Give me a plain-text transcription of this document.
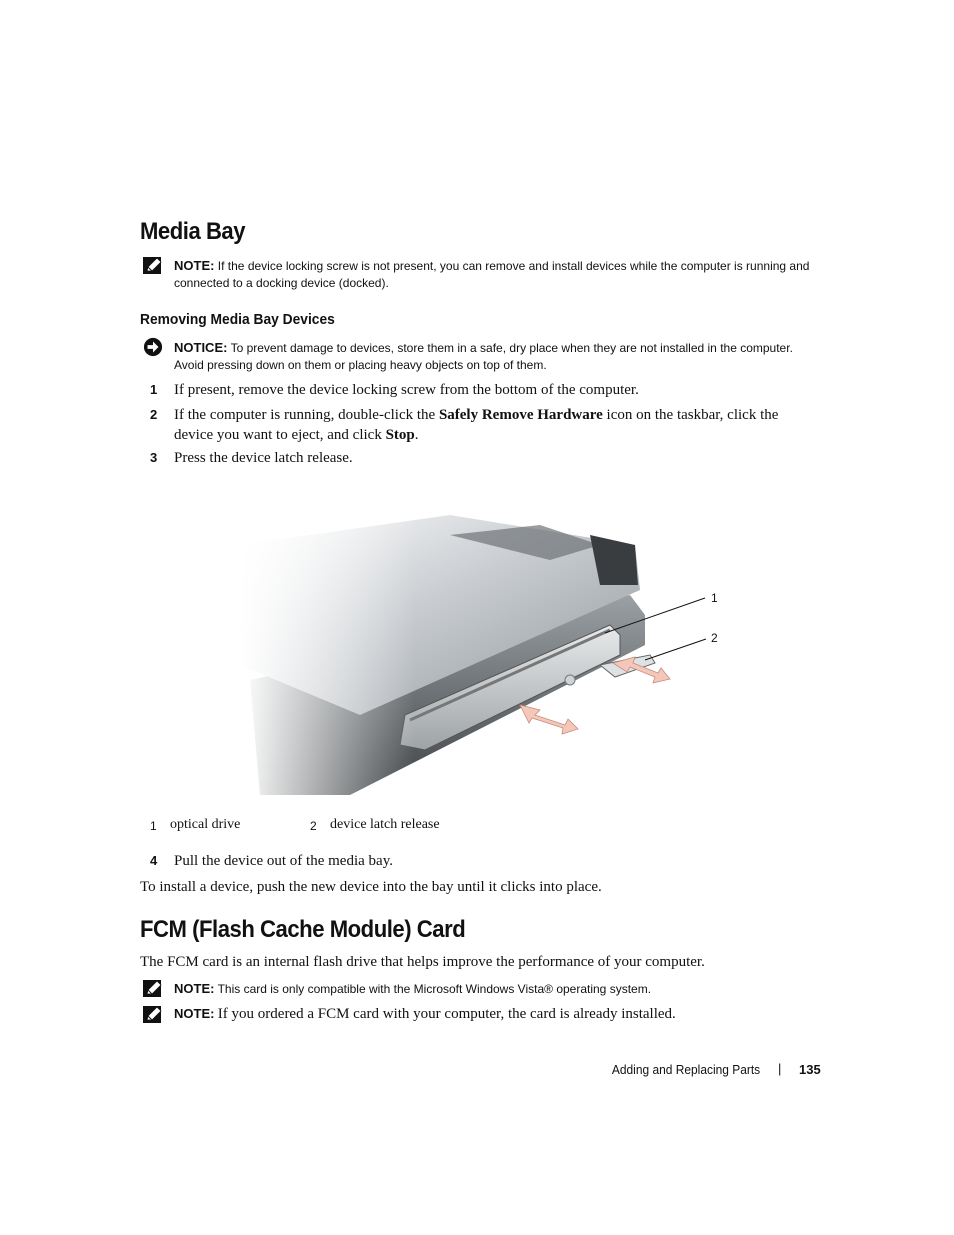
Media Bay
NOTE: If the device locking screw is not present, you can remove and install devices while the computer is running and connected to a docking device (docked).
Removing Media Bay Devices
NOTICE: To prevent damage to devices, store them in a safe, dry place when they are not installed in the computer. Avoid pressing down on them or placing heavy objects on top of them.
1 If present, remove the device locking screw from the bottom of the computer.
2 If the computer is running, double-click the Safely Remove Hardware icon on the taskbar, click the device you want to eject, and click Stop.
3 Press the device latch release.
1
2
1 optical drive	2 device latch release
4 Pull the device out of the media bay.
To install a device, push the new device into the bay until it clicks into place.
FCM (Flash Cache Module) Card
The FCM card is an internal flash drive that helps improve the performance of your computer.
NOTE: This card is only compatible with the Microsoft Windows Vista® operating system.
NOTE: If you ordered a FCM card with your computer, the card is already installed.
Adding and Replacing Parts | 135
